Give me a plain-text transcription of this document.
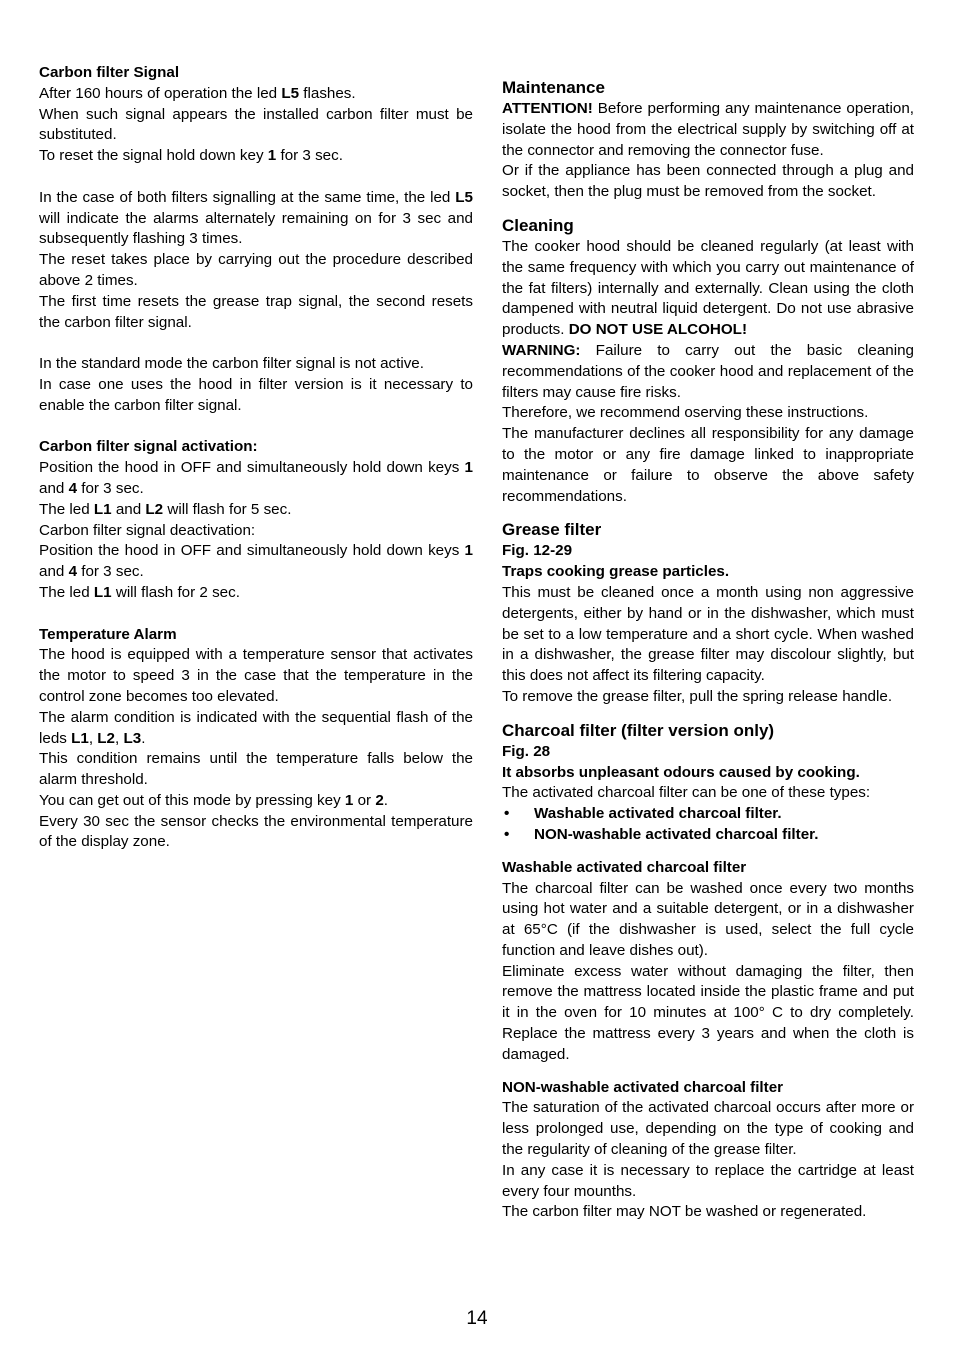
Carbon filter Signal

After 160 hours of operation the led L5 flashes.

When such signal appears the installed carbon filter must be substituted.

To reset the signal hold down key 1 for 3 sec.

In the case of both filters signalling at the same time, the led L5 will indicate the alarms alternately remaining on for 3 sec and subsequently flashing 3 times.

The reset takes place by carrying out the procedure described above 2 times.

The first time resets the grease trap signal, the second resets the carbon filter signal.

In the standard mode the carbon filter signal is not active.

In case one uses the hood in filter version is it necessary to enable the carbon filter signal.

Carbon filter signal activation:

Position the hood in OFF and simultaneously hold down keys 1 and 4 for 3 sec.

The led L1 and L2 will flash for 5 sec.

Carbon filter signal deactivation:

Position the hood in OFF and simultaneously hold down keys 1 and 4 for 3 sec.

The led L1 will flash for 2 sec.

Temperature Alarm

The hood is equipped with a temperature sensor that activates the motor to speed 3 in the case that the temperature in the control zone becomes too elevated.

The alarm condition is indicated with the sequential flash of the leds L1, L2, L3.

This condition remains until the temperature falls below the alarm threshold.

You can get out of this mode by pressing key 1 or 2.

Every 30 sec the sensor checks the environmental temperature of the display zone.

Maintenance

ATTENTION! Before performing any maintenance operation, isolate the hood from the electrical supply by switching off at the connector and removing the connector fuse.

Or if the appliance has been connected through a plug and socket, then the plug must be removed from the socket.

Cleaning

The cooker hood should be cleaned regularly (at least with the same frequency with which you carry out maintenance of the fat filters) internally and externally. Clean using the cloth dampened with neutral liquid detergent. Do not use abrasive products. DO NOT USE ALCOHOL!

WARNING: Failure to carry out the basic cleaning recommendations of the cooker hood and replacement of the filters may cause fire risks.

Therefore, we recommend oserving these instructions.

The manufacturer declines all responsibility for any damage to the motor or any fire damage linked to inappropriate maintenance or failure to observe the above safety recommendations.

Grease filter

Fig. 12-29

Traps cooking grease particles.

This must be cleaned once a month using non aggressive detergents, either by hand or in the dishwasher, which must be set to a low temperature and a short cycle. When washed in a dishwasher, the grease filter may discolour slightly, but this does not affect its filtering capacity.

To remove the grease filter, pull the spring release handle.

Charcoal filter (filter version only)

Fig. 28

It absorbs unpleasant odours caused by cooking.

The activated charcoal filter can be one of these types:

• Washable activated charcoal filter.
• NON-washable activated charcoal filter.

Washable activated charcoal filter

The charcoal filter can be washed once every two months using hot water and a suitable detergent, or in a dishwasher at 65°C (if the dishwasher is used, select the full cycle function and leave dishes out).

Eliminate excess water without damaging the filter, then remove the mattress located inside the plastic frame and put it in the oven for 10 minutes at 100° C to dry completely. Replace the mattress every 3 years and when the cloth is damaged.

NON-washable activated charcoal filter

The saturation of the activated charcoal occurs after more or less prolonged use, depending on the type of cooking and the regularity of cleaning of the grease filter.

In any case it is necessary to replace the cartridge at least every four mounths.

The carbon filter may NOT be washed or regenerated.

14
